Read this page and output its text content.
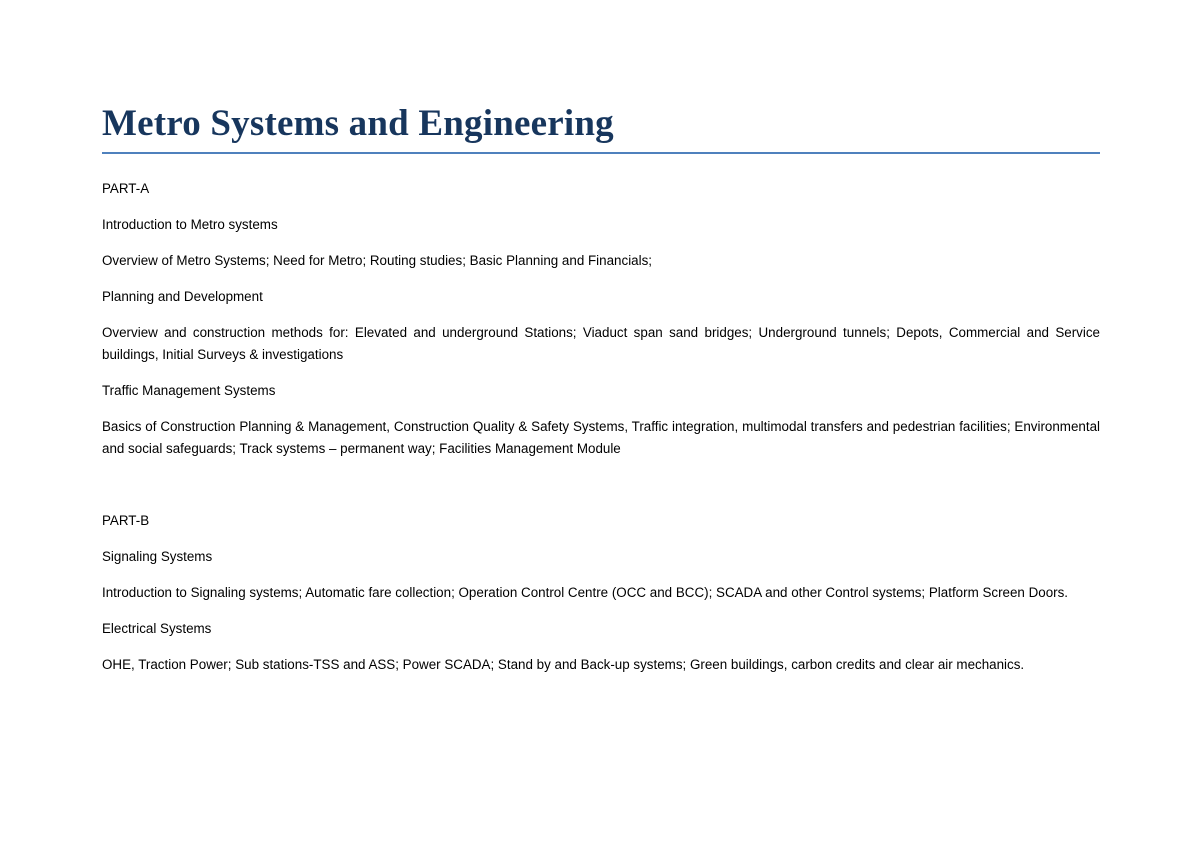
Metro Systems and Engineering

PART-A

Introduction to Metro systems

Overview of Metro Systems; Need for Metro; Routing studies; Basic Planning and Financials;

Planning and Development

Overview and construction methods for: Elevated and underground Stations; Viaduct span sand bridges; Underground tunnels; Depots, Commercial and Service buildings, Initial Surveys & investigations

Traffic Management Systems

Basics of Construction Planning & Management, Construction Quality & Safety Systems, Traffic integration, multimodal transfers and pedestrian facilities; Environmental and social safeguards; Track systems – permanent way; Facilities Management Module

PART-B

Signaling Systems

Introduction to Signaling systems; Automatic fare collection; Operation Control Centre (OCC and BCC); SCADA and other Control systems; Platform Screen Doors.

Electrical Systems

OHE, Traction Power; Sub stations-TSS and ASS; Power SCADA; Stand by and Back-up systems; Green buildings, carbon credits and clear air mechanics.
